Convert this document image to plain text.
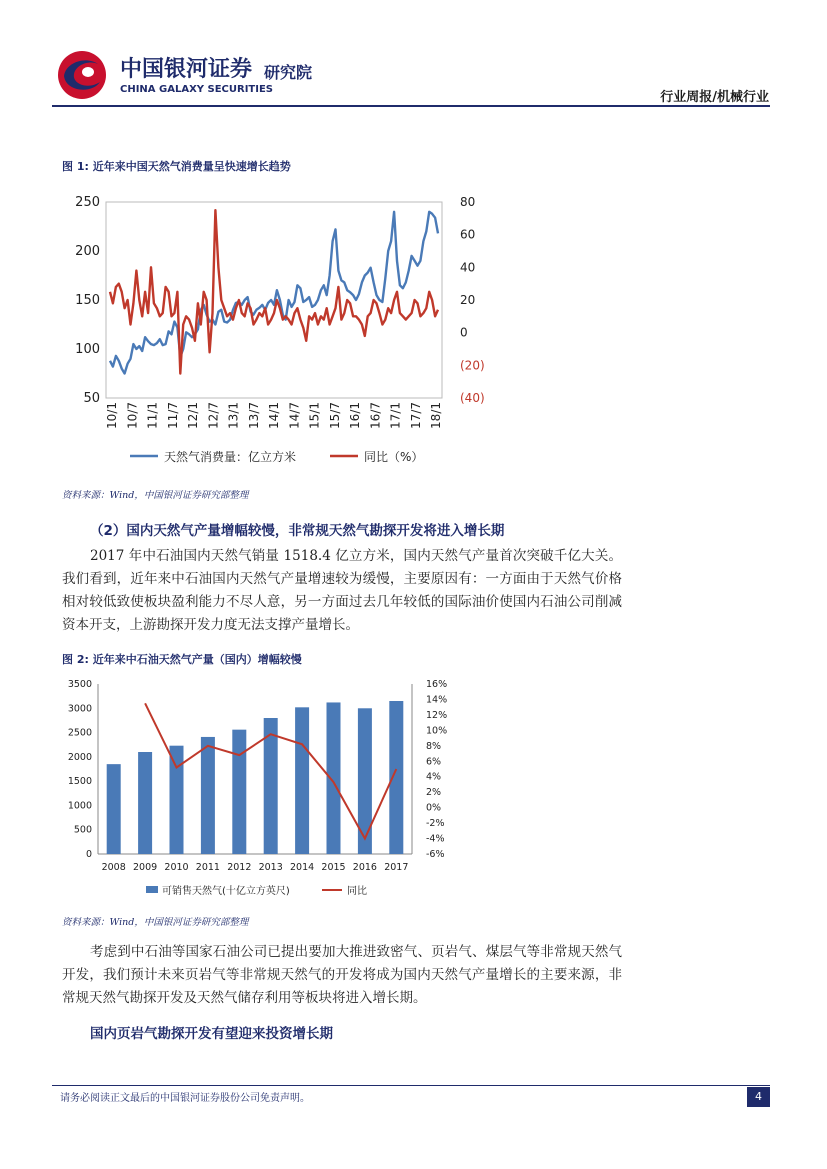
中国银河证券 研究院
CHINA GALAXY SECURITIES
行业周报/机械行业
图 1: 近年来中国天然气消费量呈快速增长趋势
50
100
150
200
250
(40)
(20)
0
20
40
60
80
10/1 10/7 11/1 11/7 12/1 12/7 13/1 13/7 14/1 14/7 15/1 15/7 16/1 16/7 17/1 17/7 18/1
天然气消费量：亿立方米	同比（%）
资料来源：Wind，中国银河证券研究部整理
（2）国内天然气产量增幅较慢，非常规天然气勘探开发将进入增长期
2017 年中石油国内天然气销量 1518.4 亿立方米，国内天然气产量首次突破千亿大关。我们看到，近年来中石油国内天然气产量增速较为缓慢，主要原因有：一方面由于天然气价格相对较低致使板块盈利能力不尽人意，另一方面过去几年较低的国际油价使国内石油公司削减资本开支，上游勘探开发力度无法支撑产量增长。
图 2: 近年来中石油天然气产量（国内）增幅较慢
0
500
1000
1500
2000
2500
3000
3500
-6%
-4%
-2%
0%
2%
4%
6%
8%
10%
12%
14%
16%
2008 2009 2010 2011 2012 2013 2014 2015 2016 2017
可销售天然气(十亿立方英尺)	同比
资料来源：Wind，中国银河证券研究部整理
考虑到中石油等国家石油公司已提出要加大推进致密气、页岩气、煤层气等非常规天然气开发，我们预计未来页岩气等非常规天然气的开发将成为国内天然气产量增长的主要来源，非常规天然气勘探开发及天然气储存利用等板块将进入增长期。
国内页岩气勘探开发有望迎来投资增长期
请务必阅读正文最后的中国银河证券股份公司免责声明。	4
